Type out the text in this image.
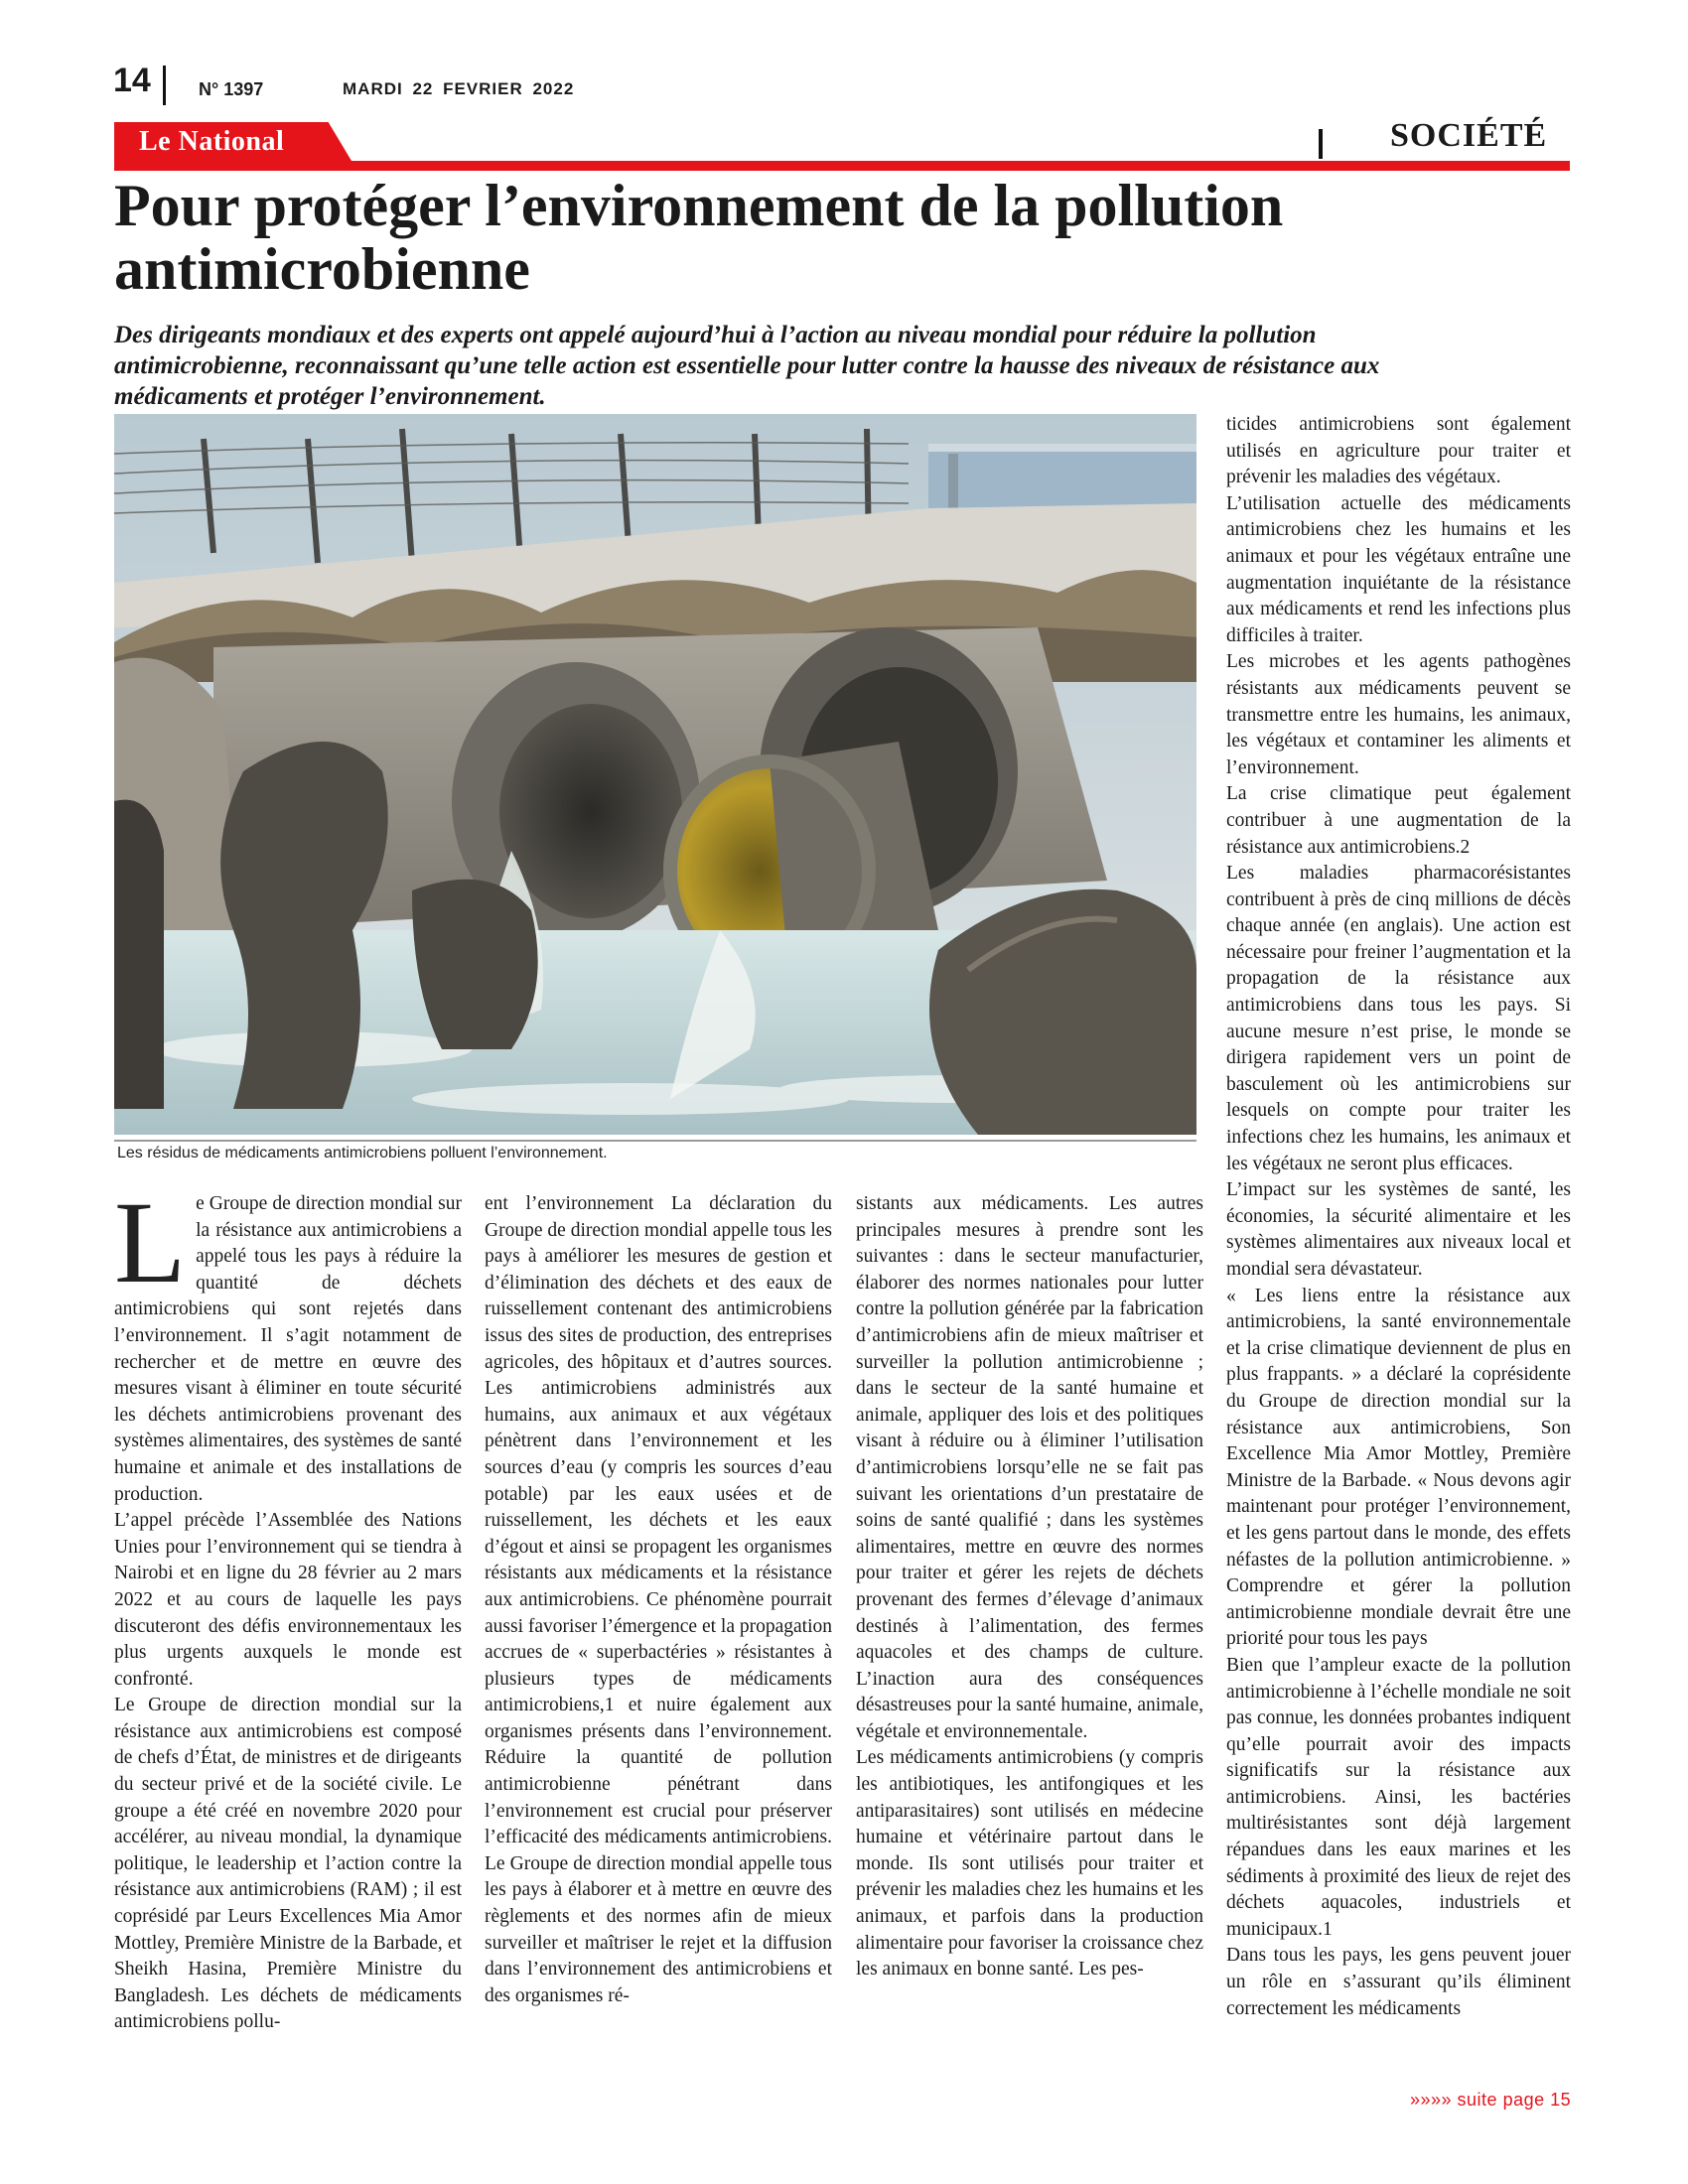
14	N° 1397	MARDI 22 FEVRIER 2022
Le National	SOCIÉTÉ
Pour protéger l’environnement de la pollution antimicrobienne

Des dirigeants mondiaux et des experts ont appelé aujourd’hui à l’action au niveau mondial pour réduire la pollution antimicrobienne, reconnaissant qu’une telle action est essentielle pour lutter contre la hausse des niveaux de résistance aux médicaments et protéger l’environnement.

Les résidus de médicaments antimicrobiens polluent l’environnement.

Le Groupe de direction mondial sur la résistance aux antimicrobiens a appelé tous les pays à réduire la quantité de déchets antimicrobiens qui sont rejetés dans l’environnement. Il s’agit notamment de rechercher et de mettre en œuvre des mesures visant à éliminer en toute sécurité les déchets antimicrobiens provenant des systèmes alimentaires, des systèmes de santé humaine et animale et des installations de production.

L’appel précède l’Assemblée des Nations Unies pour l’environnement qui se tiendra à Nairobi et en ligne du 28 février au 2 mars 2022 et au cours de laquelle les pays discuteront des défis environnementaux les plus urgents auxquels le monde est confronté.

Le Groupe de direction mondial sur la résistance aux antimicrobiens est composé de chefs d’État, de ministres et de dirigeants du secteur privé et de la société civile. Le groupe a été créé en novembre 2020 pour accélérer, au niveau mondial, la dynamique politique, le leadership et l’action contre la résistance aux antimicrobiens (RAM) ; il est coprésidé par Leurs Excellences Mia Amor Mottley, Première Ministre de la Barbade, et Sheikh Hasina, Première Ministre du Bangladesh. Les déchets de médicaments antimicrobiens pollu-

ent l’environnement La déclaration du Groupe de direction mondial appelle tous les pays à améliorer les mesures de gestion et d’élimination des déchets et des eaux de ruissellement contenant des antimicrobiens issus des sites de production, des entreprises agricoles, des hôpitaux et d’autres sources. Les antimicrobiens administrés aux humains, aux animaux et aux végétaux pénètrent dans l’environnement et les sources d’eau (y compris les sources d’eau potable) par les eaux usées et de ruissellement, les déchets et les eaux d’égout et ainsi se propagent les organismes résistants aux médicaments et la résistance aux antimicrobiens. Ce phénomène pourrait aussi favoriser l’émergence et la propagation accrues de « superbactéries » résistantes à plusieurs types de médicaments antimicrobiens,1 et nuire également aux organismes présents dans l’environnement. Réduire la quantité de pollution antimicrobienne pénétrant dans l’environnement est crucial pour préserver l’efficacité des médicaments antimicrobiens. Le Groupe de direction mondial appelle tous les pays à élaborer et à mettre en œuvre des règlements et des normes afin de mieux surveiller et maîtriser le rejet et la diffusion dans l’environnement des antimicrobiens et des organismes ré-

sistants aux médicaments. Les autres principales mesures à prendre sont les suivantes : dans le secteur manufacturier, élaborer des normes nationales pour lutter contre la pollution générée par la fabrication d’antimicrobiens afin de mieux maîtriser et surveiller la pollution antimicrobienne ; dans le secteur de la santé humaine et animale, appliquer des lois et des politiques visant à réduire ou à éliminer l’utilisation d’antimicrobiens lorsqu’elle ne se fait pas suivant les orientations d’un prestataire de soins de santé qualifié ; dans les systèmes alimentaires, mettre en œuvre des normes pour traiter et gérer les rejets de déchets provenant des fermes d’élevage d’animaux destinés à l’alimentation, des fermes aquacoles et des champs de culture. L’inaction aura des conséquences désastreuses pour la santé humaine, animale, végétale et environnementale.

Les médicaments antimicrobiens (y compris les antibiotiques, les antifongiques et les antiparasitaires) sont utilisés en médecine humaine et vétérinaire partout dans le monde. Ils sont utilisés pour traiter et prévenir les maladies chez les humains et les animaux, et parfois dans la production alimentaire pour favoriser la croissance chez les animaux en bonne santé. Les pes-

ticides antimicrobiens sont également utilisés en agriculture pour traiter et prévenir les maladies des végétaux.

L’utilisation actuelle des médicaments antimicrobiens chez les humains et les animaux et pour les végétaux entraîne une augmentation inquiétante de la résistance aux médicaments et rend les infections plus difficiles à traiter.

Les microbes et les agents pathogènes résistants aux médicaments peuvent se transmettre entre les humains, les animaux, les végétaux et contaminer les aliments et l’environnement.

La crise climatique peut également contribuer à une augmentation de la résistance aux antimicrobiens.2

Les maladies pharmacorésistantes contribuent à près de cinq millions de décès chaque année (en anglais). Une action est nécessaire pour freiner l’augmentation et la propagation de la résistance aux antimicrobiens dans tous les pays. Si aucune mesure n’est prise, le monde se dirigera rapidement vers un point de basculement où les antimicrobiens sur lesquels on compte pour traiter les infections chez les humains, les animaux et les végétaux ne seront plus efficaces.

L’impact sur les systèmes de santé, les économies, la sécurité alimentaire et les systèmes alimentaires aux niveaux local et mondial sera dévastateur.

« Les liens entre la résistance aux antimicrobiens, la santé environnementale et la crise climatique deviennent de plus en plus frappants. » a déclaré la coprésidente du Groupe de direction mondial sur la résistance aux antimicrobiens, Son Excellence Mia Amor Mottley, Première Ministre de la Barbade. « Nous devons agir maintenant pour protéger l’environnement, et les gens partout dans le monde, des effets néfastes de la pollution antimicrobienne. » Comprendre et gérer la pollution antimicrobienne mondiale devrait être une priorité pour tous les pays

Bien que l’ampleur exacte de la pollution antimicrobienne à l’échelle mondiale ne soit pas connue, les données probantes indiquent qu’elle pourrait avoir des impacts significatifs sur la résistance aux antimicrobiens. Ainsi, les bactéries multirésistantes sont déjà largement répandues dans les eaux marines et les sédiments à proximité des lieux de rejet des déchets aquacoles, industriels et municipaux.1

Dans tous les pays, les gens peuvent jouer un rôle en s’assurant qu’ils éliminent correctement les médicaments

»»»» suite page 15
